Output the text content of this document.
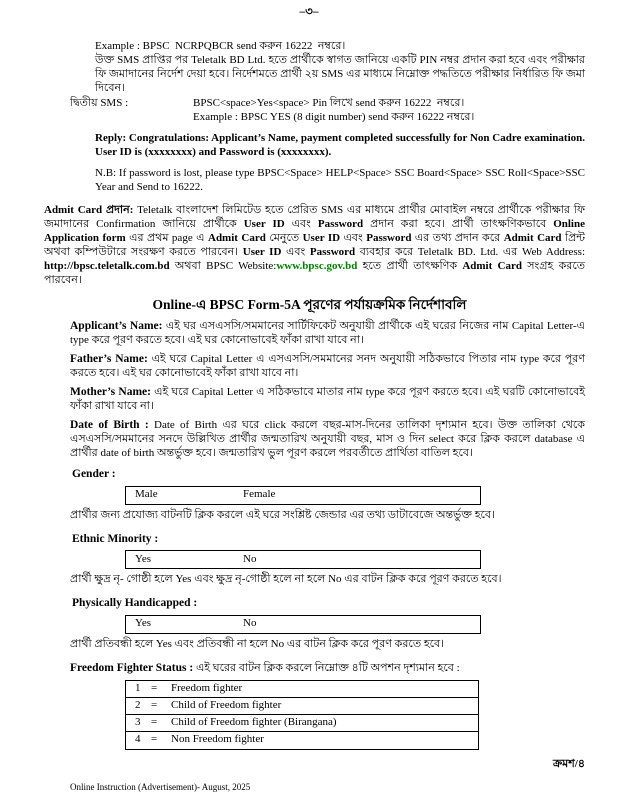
–৩–

Example : BPSC  NCRPQBCR send করুন 16222  নম্বরে।

উক্ত SMS প্রাপ্তির পর Teletalk BD Ltd. হতে প্রার্থীকে স্বাগত জানিয়ে একটি PIN নম্বর প্রদান করা হবে এবং পরীক্ষার ফি জমাদানের নির্দেশ দেয়া হবে। নির্দেশমতে প্রার্থী ২য় SMS এর মাধ্যমে নিম্নোক্ত পদ্ধতিতে পরীক্ষার নির্ধারিত ফি জমা দিবেন।

দ্বিতীয় SMS :	BPSC<space>Yes<space> Pin লিখে send করুন 16222  নম্বরে।

Example : BPSC YES (8 digit number) send করুন 16222 নম্বরে।

Reply: Congratulations: Applicant’s Name, payment completed successfully for Non Cadre examination. User ID is (xxxxxxxx) and Password is (xxxxxxxx).

N.B: If password is lost, please type BPSC<Space> HELP<Space> SSC Board<Space> SSC Roll<Space>SSC Year and Send to 16222.

Admit Card প্রদান: Teletalk বাংলাদেশ লিমিটেড হতে প্রেরিত SMS এর মাধ্যমে প্রার্থীর মোবাইল নম্বরে প্রার্থীকে পরীক্ষার ফি জমাদানের Confirmation জানিয়ে প্রার্থীকে User ID এবং Password প্রদান করা হবে। প্রার্থী তাৎক্ষণিকভাবে Online Application form এর প্রথম page এ Admit Card মেনুতে User ID এবং Password এর তথ্য প্রদান করে Admit Card প্রিন্ট অথবা কম্পিউটারে সংরক্ষণ করতে পারবেন। User ID এবং Password ব্যবহার করে Teletalk BD. Ltd. এর Web Address: http://bpsc.teletalk.com.bd অথবা BPSC Website:www.bpsc.gov.bd হতে প্রার্থী তাৎক্ষণিক Admit Card সংগ্রহ করতে পারবেন।

Online-এ BPSC Form-5A পূরণের পর্যায়ক্রমিক নির্দেশাবলি

Applicant’s Name: এই ঘর এসএসসি/সমমানের সার্টিফিকেট অনুযায়ী প্রার্থীকে এই ঘরের নিজের নাম Capital Letter-এ type করে পূরণ করতে হবে। এই ঘর কোনোভাবেই ফাঁকা রাখা যাবে না।

Father’s Name: এই ঘরে Capital Letter এ এসএসসি/সমমানের সনদ অনুযায়ী সঠিকভাবে পিতার নাম type করে পূরণ করতে হবে। এই ঘর কোনোভাবেই ফাঁকা রাখা যাবে না।

Mother’s Name: এই ঘরে Capital Letter এ সঠিকভাবে মাতার নাম type করে পূরণ করতে হবে। এই ঘরটি কোনোভাবেই ফাঁকা রাখা যাবে না।

Date of Birth : Date of Birth এর ঘরে click করলে বছর-মাস-দিনের তালিকা দৃশ্যমান হবে। উক্ত তালিকা থেকে এসএসসি/সমমানের সনদে উল্লিখিত প্রার্থীর জন্মতারিখ অনুযায়ী বছর, মাস ও দিন select করে ক্লিক করলে database এ প্রার্থীর date of birth অন্তর্ভুক্ত হবে। জন্মতারিখ ভুল পূরণ করলে পরবর্তীতে প্রার্থিতা বাতিল হবে।

Gender :
Male	Female

প্রার্থীর জন্য প্রযোজ্য বাটনটি ক্লিক করলে এই ঘরে সংশ্লিষ্ট জেন্ডার এর তথ্য ডাটাবেজে অন্তর্ভুক্ত হবে।

Ethnic Minority :
Yes	No

প্রার্থী ক্ষুদ্র নৃ- গোষ্ঠী হলে Yes এবং ক্ষুদ্র নৃ-গোষ্ঠী হলে না হলে No এর বাটন ক্লিক করে পূরণ করতে হবে।

Physically Handicapped :
Yes	No

প্রার্থী প্রতিবন্ধী হলে Yes এবং প্রতিবন্ধী না হলে No এর বাটন ক্লিক করে পূরণ করতে হবে।

Freedom Fighter Status : এই ঘরের বাটন ক্লিক করলে নিম্নোক্ত ৪টি অপশন দৃশ্যমান হবে :

1 =	Freedom fighter
2 =	Child of Freedom fighter
3 =	Child of Freedom fighter (Birangana)
4 =	Non Freedom fighter
Online Instruction (Advertisement)- August, 2025
ক্রমশ/৪
